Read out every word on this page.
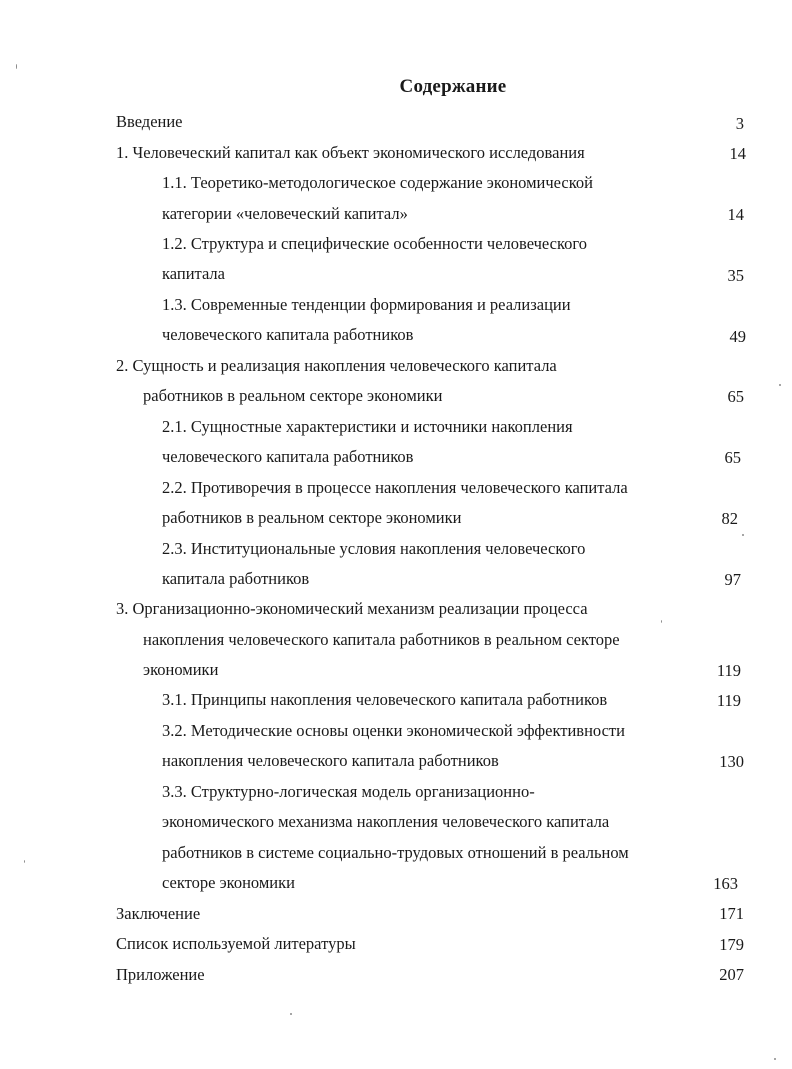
Содержание
Введение	3
1. Человеческий капитал как объект экономического исследования	14
1.1. Теоретико-методологическое содержание экономической
категории «человеческий капитал»	14
1.2. Структура и специфические особенности человеческого
капитала	35
1.3. Современные тенденции формирования и реализации
человеческого капитала работников	49
2. Сущность и реализация накопления человеческого капитала
работников в реальном секторе экономики	65
2.1. Сущностные характеристики и источники накопления
человеческого капитала работников	65
2.2. Противоречия в процессе накопления человеческого капитала
работников в реальном секторе экономики	82
2.3. Институциональные условия накопления человеческого
капитала работников	97
3. Организационно-экономический механизм реализации процесса
накопления человеческого капитала работников в реальном секторе
экономики	119
3.1. Принципы накопления человеческого капитала работников	119
3.2. Методические основы оценки экономической эффективности
накопления человеческого капитала работников	130
3.3. Структурно-логическая модель организационно-
экономического механизма накопления человеческого капитала
работников в системе социально-трудовых отношений в реальном
секторе экономики	163
Заключение	171
Список используемой литературы	179
Приложение	207
